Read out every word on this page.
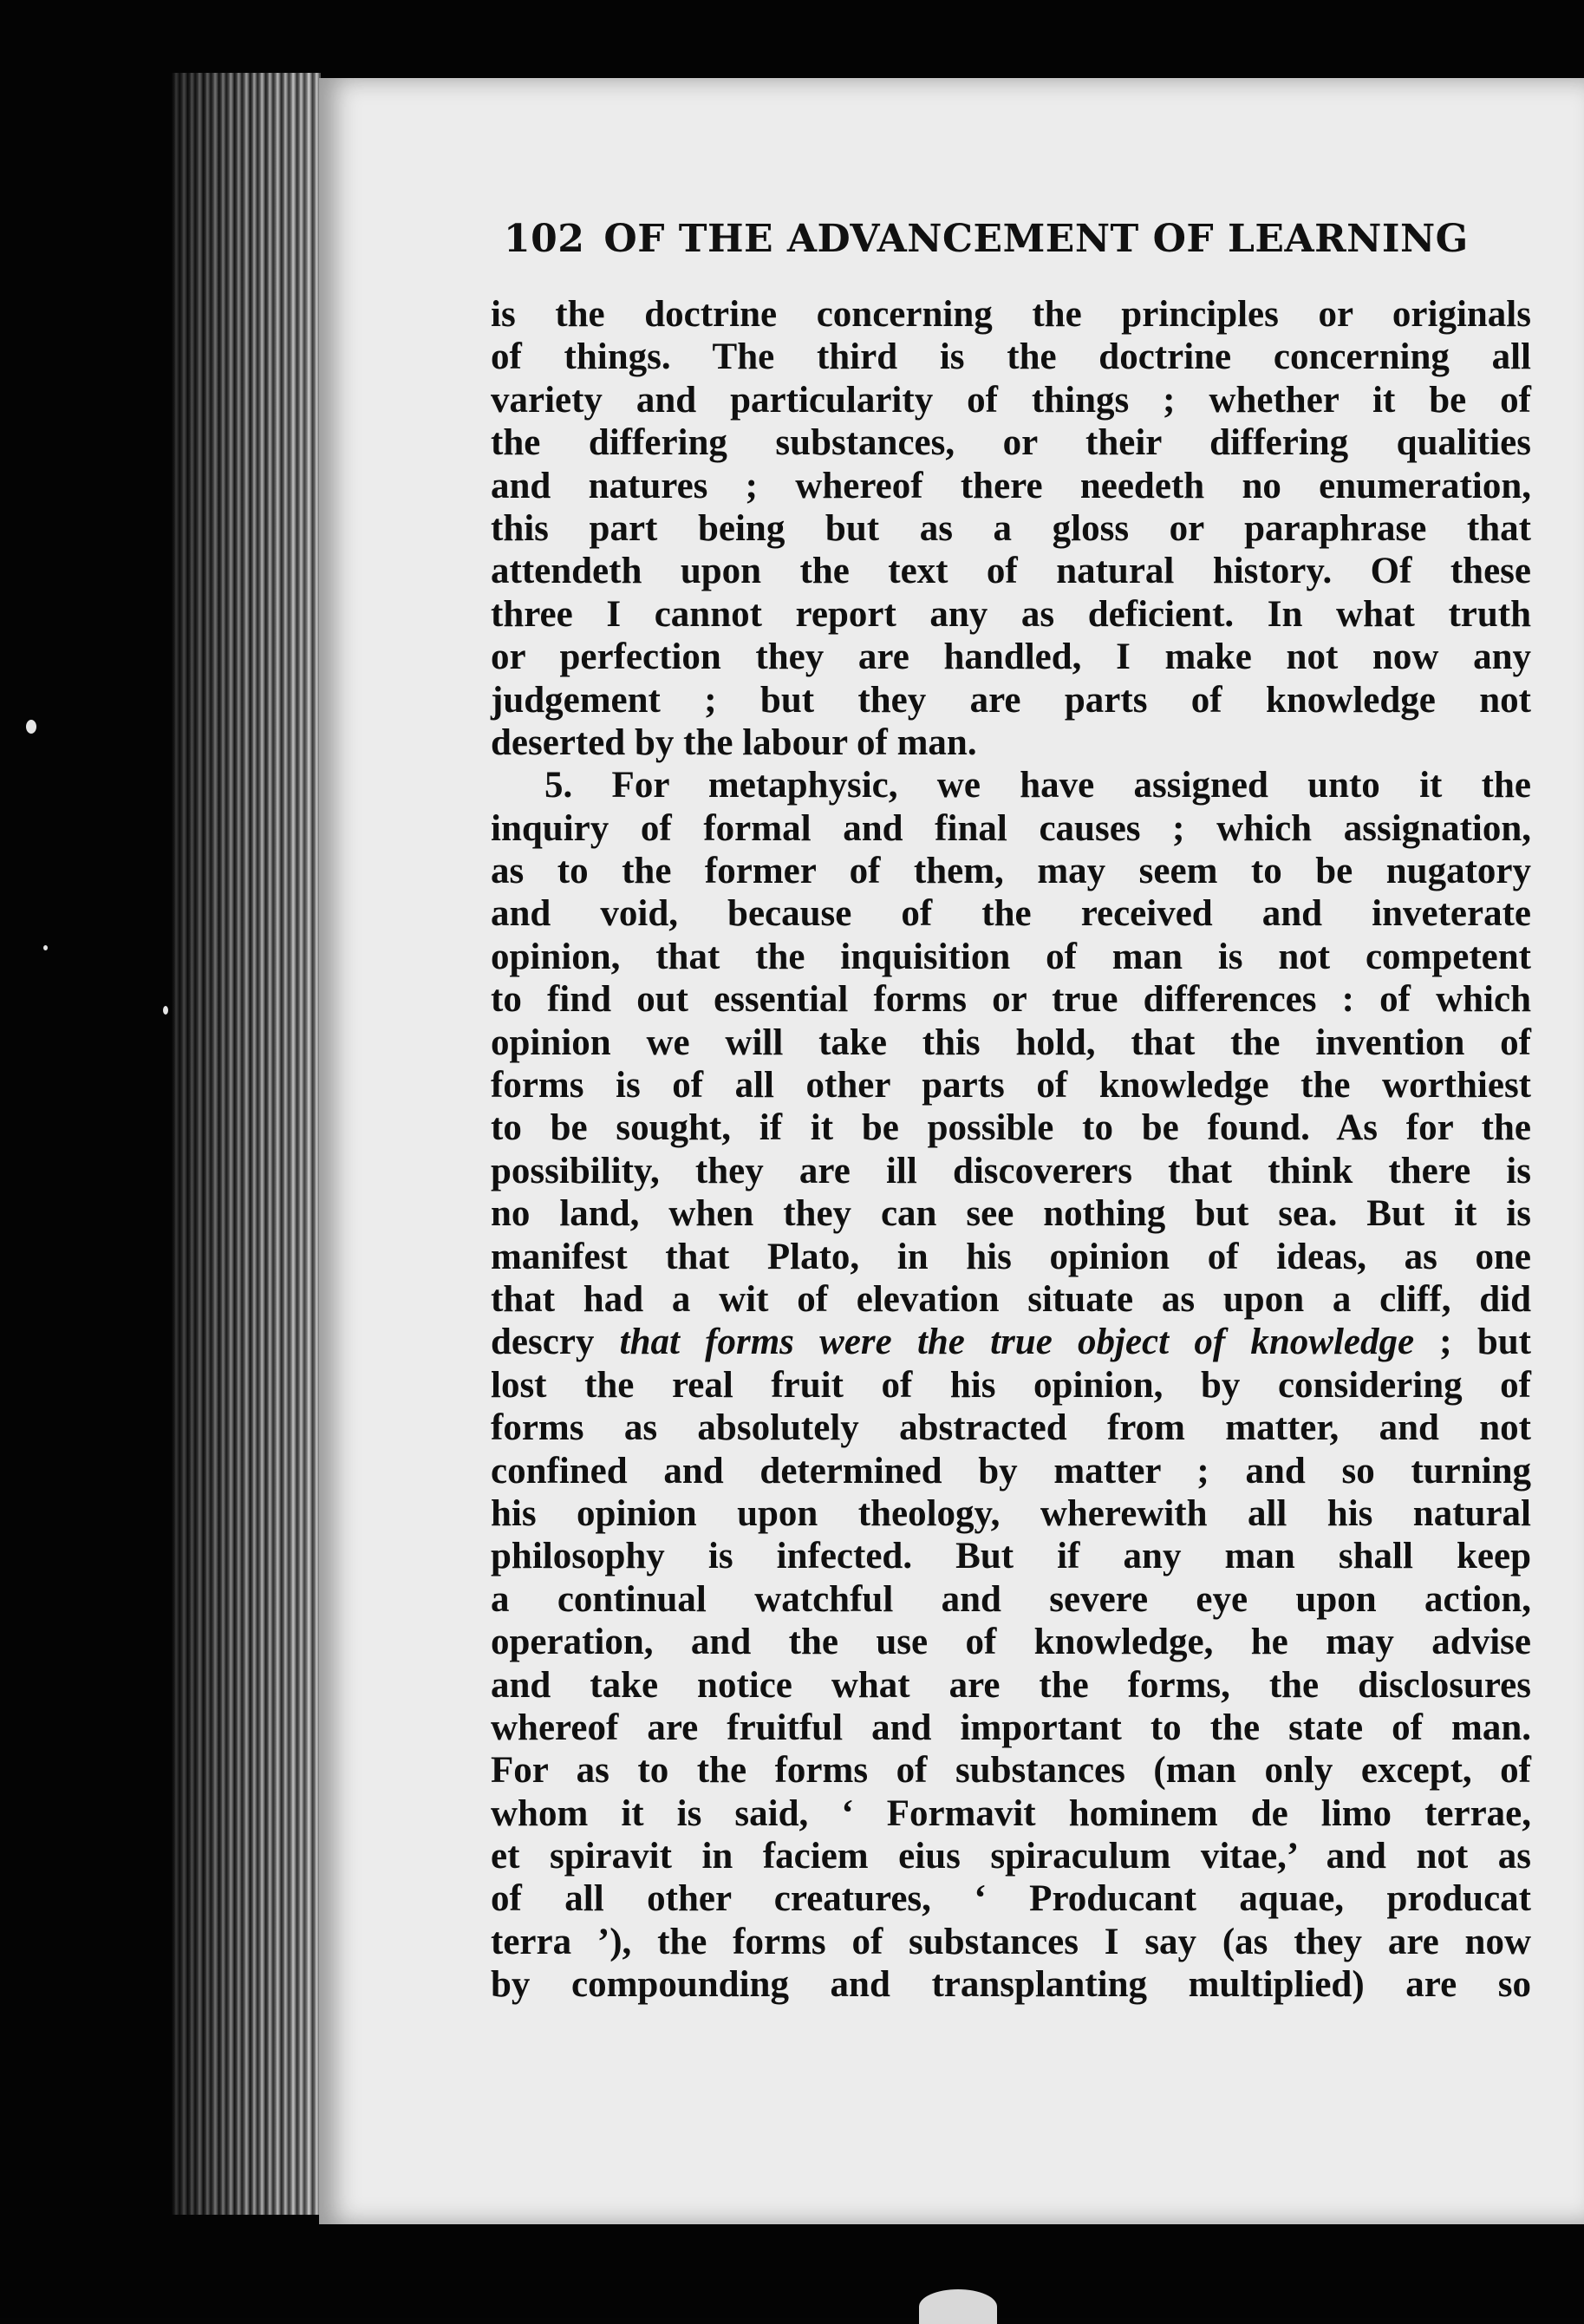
102 OF THE ADVANCEMENT OF LEARNING
is the doctrine concerning the principles or originals
of things. The third is the doctrine concerning all
variety and particularity of things ; whether it be of
the differing substances, or their differing qualities
and natures ; whereof there needeth no enumeration,
this part being but as a gloss or paraphrase that
attendeth upon the text of natural history. Of these
three I cannot report any as deficient. In what truth
or perfection they are handled, I make not now any
judgement ; but they are parts of knowledge not
deserted by the labour of man.
5. For metaphysic, we have assigned unto it the
inquiry of formal and final causes ; which assignation,
as to the former of them, may seem to be nugatory
and void, because of the received and inveterate
opinion, that the inquisition of man is not competent
to find out essential forms or true differences : of which
opinion we will take this hold, that the invention of
forms is of all other parts of knowledge the worthiest
to be sought, if it be possible to be found. As for the
possibility, they are ill discoverers that think there is
no land, when they can see nothing but sea. But it is
manifest that Plato, in his opinion of ideas, as one
that had a wit of elevation situate as upon a cliff, did
descry that forms were the true object of knowledge ; but
lost the real fruit of his opinion, by considering of
forms as absolutely abstracted from matter, and not
confined and determined by matter ; and so turning
his opinion upon theology, wherewith all his natural
philosophy is infected. But if any man shall keep
a continual watchful and severe eye upon action,
operation, and the use of knowledge, he may advise
and take notice what are the forms, the disclosures
whereof are fruitful and important to the state of man.
For as to the forms of substances (man only except, of
whom it is said, ‘ Formavit hominem de limo terrae,
et spiravit in faciem eius spiraculum vitae,’ and not as
of all other creatures, ‘ Producant aquae, producat
terra ’), the forms of substances I say (as they are now
by compounding and transplanting multiplied) are so
